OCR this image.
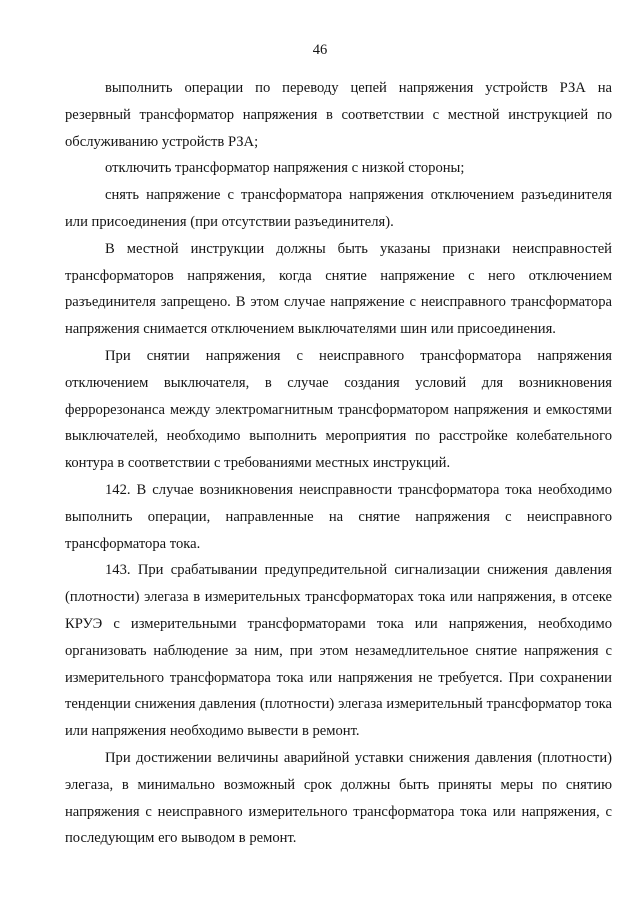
46

выполнить операции по переводу цепей напряжения устройств РЗА на резервный трансформатор напряжения в соответствии с местной инструкцией по обслуживанию устройств РЗА;

отключить трансформатор напряжения с низкой стороны;

снять напряжение с трансформатора напряжения отключением разъединителя или присоединения (при отсутствии разъединителя).

В местной инструкции должны быть указаны признаки неисправностей трансформаторов напряжения, когда снятие напряжение с него отключением разъединителя запрещено. В этом случае напряжение с неисправного трансформатора напряжения снимается отключением выключателями шин или присоединения.

При снятии напряжения с неисправного трансформатора напряжения отключением выключателя, в случае создания условий для возникновения феррорезонанса между электромагнитным трансформатором напряжения и емкостями выключателей, необходимо выполнить мероприятия по расстройке колебательного контура в соответствии с требованиями местных инструкций.

142. В случае возникновения неисправности трансформатора тока необходимо выполнить операции, направленные на снятие напряжения с неисправного трансформатора тока.

143. При срабатывании предупредительной сигнализации снижения давления (плотности) элегаза в измерительных трансформаторах тока или напряжения, в отсеке КРУЭ с измерительными трансформаторами тока или напряжения, необходимо организовать наблюдение за ним, при этом незамедлительное снятие напряжения с измерительного трансформатора тока или напряжения не требуется. При сохранении тенденции снижения давления (плотности) элегаза измерительный трансформатор тока или напряжения необходимо вывести в ремонт.

При достижении величины аварийной уставки снижения давления (плотности) элегаза, в минимально возможный срок должны быть приняты меры по снятию напряжения с неисправного измерительного трансформатора тока или напряжения, с последующим его выводом в ремонт.
